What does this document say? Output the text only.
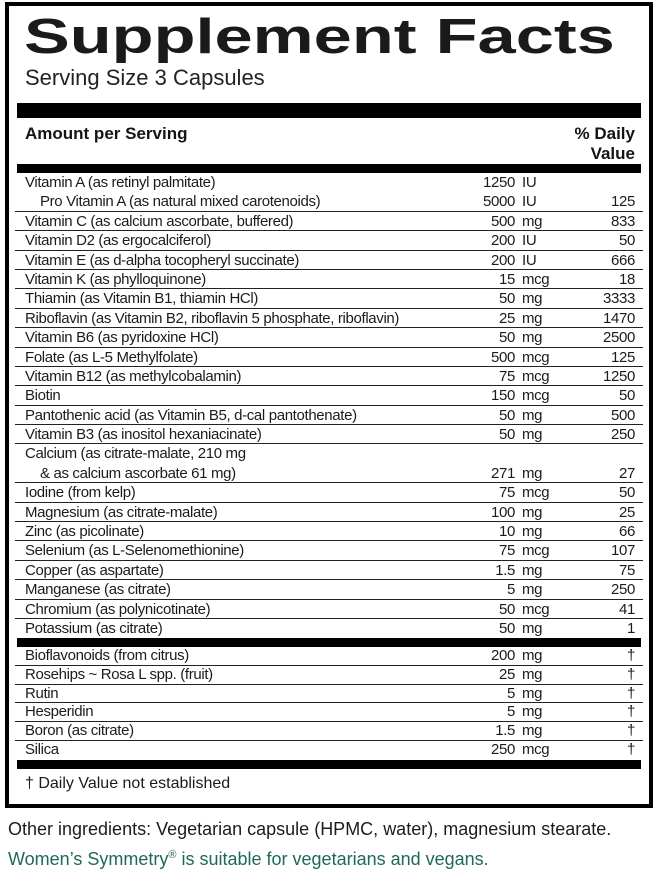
Supplement Facts
Serving Size 3 Capsules
Amount per Serving	% Daily
Value
Vitamin A (as retinyl palmitate)	1250 IU
Pro Vitamin A (as natural mixed carotenoids)	5000 IU	125
Vitamin C (as calcium ascorbate, buffered)	500 mg	833
Vitamin D2 (as ergocalciferol)	200 IU	50
Vitamin E (as d-alpha tocopheryl succinate)	200 IU	666
Vitamin K (as phylloquinone)	15 mcg	18
Thiamin (as Vitamin B1, thiamin HCl)	50 mg	3333
Riboflavin (as Vitamin B2, riboflavin 5 phosphate, riboflavin)	25 mg	1470
Vitamin B6 (as pyridoxine HCl)	50 mg	2500
Folate (as L-5 Methylfolate)	500 mcg	125
Vitamin B12 (as methylcobalamin)	75 mcg	1250
Biotin	150 mcg	50
Pantothenic acid (as Vitamin B5, d-cal pantothenate)	50 mg	500
Vitamin B3 (as inositol hexaniacinate)	50 mg	250
Calcium (as citrate-malate, 210 mg
& as calcium ascorbate 61 mg)	271 mg	27
Iodine (from kelp)	75 mcg	50
Magnesium (as citrate-malate)	100 mg	25
Zinc (as picolinate)	10 mg	66
Selenium (as L-Selenomethionine)	75 mcg	107
Copper (as aspartate)	1.5 mg	75
Manganese (as citrate)	5 mg	250
Chromium (as polynicotinate)	50 mcg	41
Potassium (as citrate)	50 mg	1
Bioflavonoids (from citrus)	200 mg	†
Rosehips ~ Rosa L spp. (fruit)	25 mg	†
Rutin	5 mg	†
Hesperidin	5 mg	†
Boron (as citrate)	1.5 mg	†
Silica	250 mcg	†
† Daily Value not established
Other ingredients: Vegetarian capsule (HPMC, water), magnesium stearate.
Women’s Symmetry® is suitable for vegetarians and vegans.
